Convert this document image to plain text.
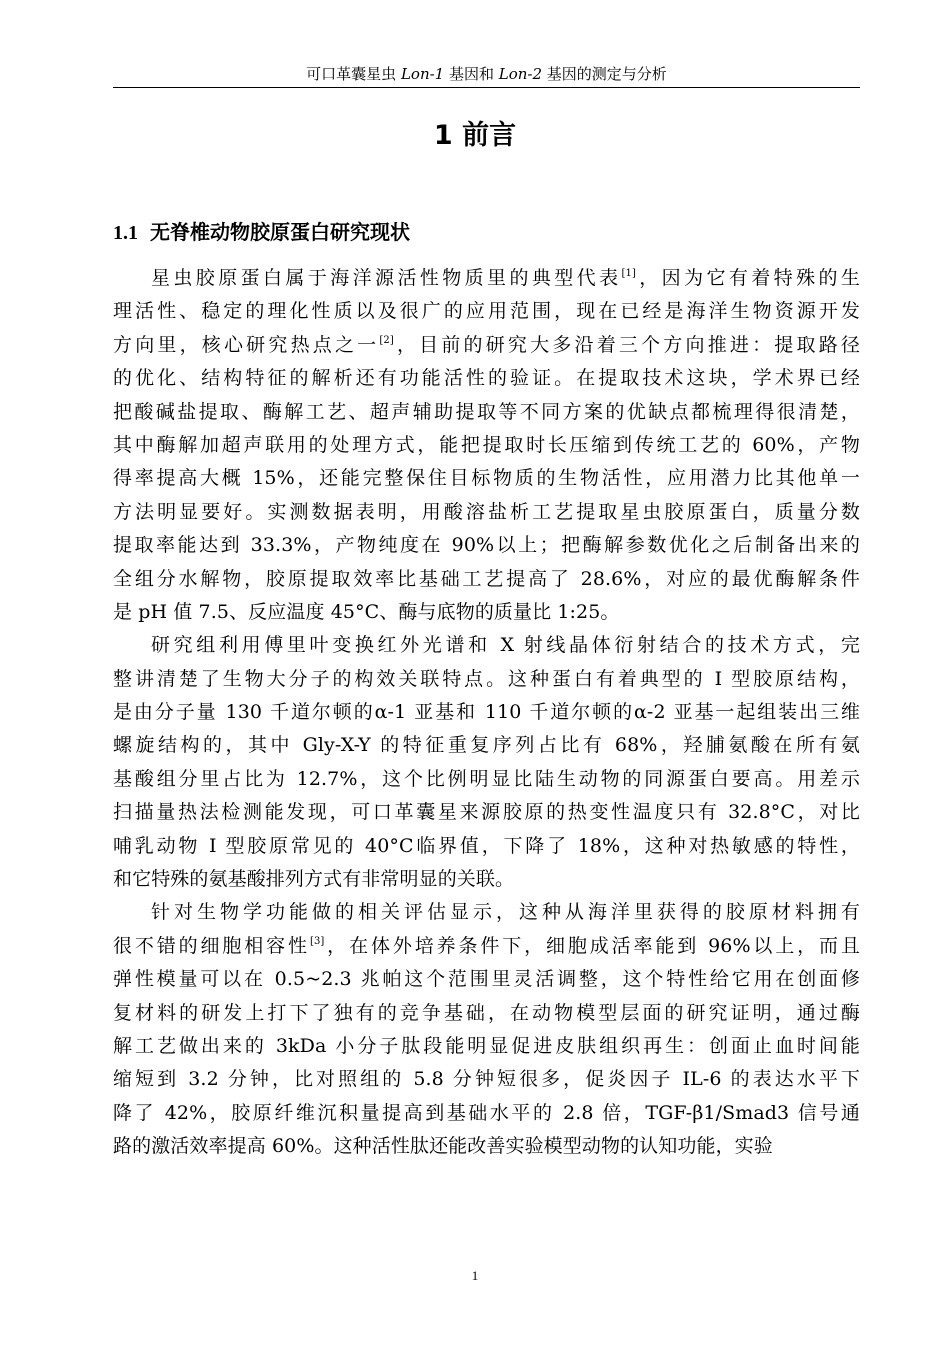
可口革囊星虫 Lon-1 基因和 Lon-2 基因的测定与分析
1 前言
1.1 无脊椎动物胶原蛋白研究现状
星虫胶原蛋白属于海洋源活性物质里的典型代表[1]，因为它有着特殊的生
理活性、稳定的理化性质以及很广的应用范围，现在已经是海洋生物资源开发
方向里，核心研究热点之一[2]，目前的研究大多沿着三个方向推进：提取路径
的优化、结构特征的解析还有功能活性的验证。在提取技术这块，学术界已经
把酸碱盐提取、酶解工艺、超声辅助提取等不同方案的优缺点都梳理得很清楚，
其中酶解加超声联用的处理方式，能把提取时长压缩到传统工艺的 60%，产物
得率提高大概 15%，还能完整保住目标物质的生物活性，应用潜力比其他单一
方法明显要好。实测数据表明，用酸溶盐析工艺提取星虫胶原蛋白，质量分数
提取率能达到 33.3%，产物纯度在 90%以上；把酶解参数优化之后制备出来的
全组分水解物，胶原提取效率比基础工艺提高了 28.6%，对应的最优酶解条件
是 pH 值 7.5、反应温度 45°C、酶与底物的质量比 1:25。
研究组利用傅里叶变换红外光谱和 X 射线晶体衍射结合的技术方式，完
整讲清楚了生物大分子的构效关联特点。这种蛋白有着典型的 I 型胶原结构，
是由分子量 130 千道尔顿的α-1 亚基和 110 千道尔顿的α-2 亚基一起组装出三维
螺旋结构的，其中 Gly-X-Y 的特征重复序列占比有 68%，羟脯氨酸在所有氨
基酸组分里占比为 12.7%，这个比例明显比陆生动物的同源蛋白要高。用差示
扫描量热法检测能发现，可口革囊星来源胶原的热变性温度只有 32.8°C，对比
哺乳动物 I 型胶原常见的 40°C临界值，下降了 18%，这种对热敏感的特性，
和它特殊的氨基酸排列方式有非常明显的关联。
针对生物学功能做的相关评估显示，这种从海洋里获得的胶原材料拥有
很不错的细胞相容性[3]，在体外培养条件下，细胞成活率能到 96%以上，而且
弹性模量可以在 0.5~2.3 兆帕这个范围里灵活调整，这个特性给它用在创面修
复材料的研发上打下了独有的竞争基础，在动物模型层面的研究证明，通过酶
解工艺做出来的 3kDa 小分子肽段能明显促进皮肤组织再生：创面止血时间能
缩短到 3.2 分钟，比对照组的 5.8 分钟短很多，促炎因子 IL-6 的表达水平下
降了 42%，胶原纤维沉积量提高到基础水平的 2.8 倍，TGF-β1/Smad3 信号通
路的激活效率提高 60%。这种活性肽还能改善实验模型动物的认知功能，实验
1
